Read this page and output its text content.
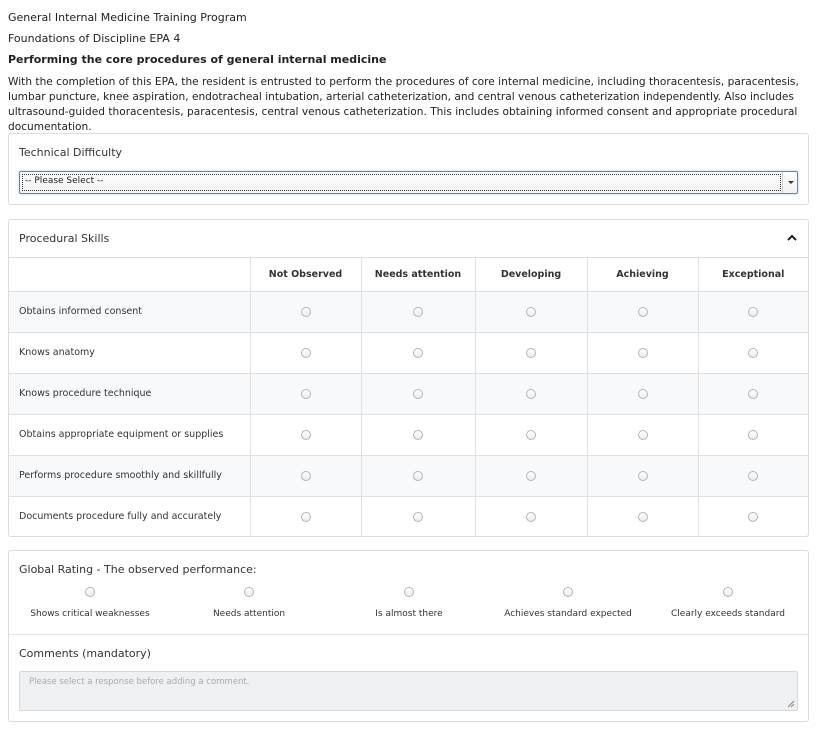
General Internal Medicine Training Program
Foundations of Discipline EPA 4
Performing the core procedures of general internal medicine
With the completion of this EPA, the resident is entrusted to perform the procedures of core internal medicine, including thoracentesis, paracentesis, lumbar puncture, knee aspiration, endotracheal intubation, arterial catheterization, and central venous catheterization independently. Also includes ultrasound-guided thoracentesis, paracentesis, central venous catheterization. This includes obtaining informed consent and appropriate procedural documentation.
Technical Difficulty
-- Please Select --
Procedural Skills
	Not Observed	Needs attention	Developing	Achieving	Exceptional
Obtains informed consent					
Knows anatomy					
Knows procedure technique					
Obtains appropriate equipment or supplies					
Performs procedure smoothly and skillfully					
Documents procedure fully and accurately					
Global Rating - The observed performance:
Shows critical weaknesses	Needs attention	Is almost there	Achieves standard expected	Clearly exceeds standard
Comments (mandatory)
Please select a response before adding a comment.
